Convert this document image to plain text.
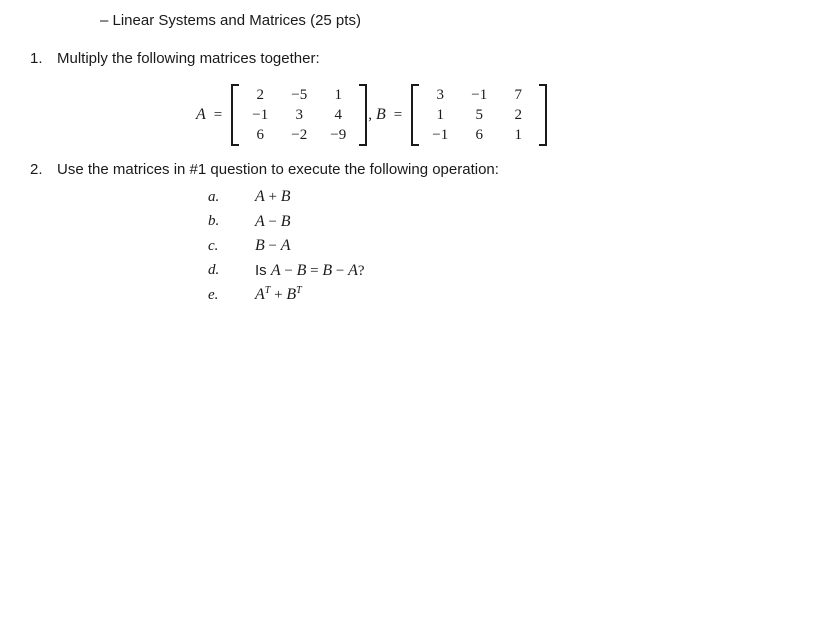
– Linear Systems and Matrices (25 pts)
1. Multiply the following matrices together:
A =
2 −5 1
−1 3 4
6 −2 −9
, B =
3 −1 7
1 5 2
−1 6 1
2. Use the matrices in #1 question to execute the following operation:
a.	A + B
b.	A − B
c.	B − A
d.	Is A − B = B − A?
e.	$A^T + B^T$
